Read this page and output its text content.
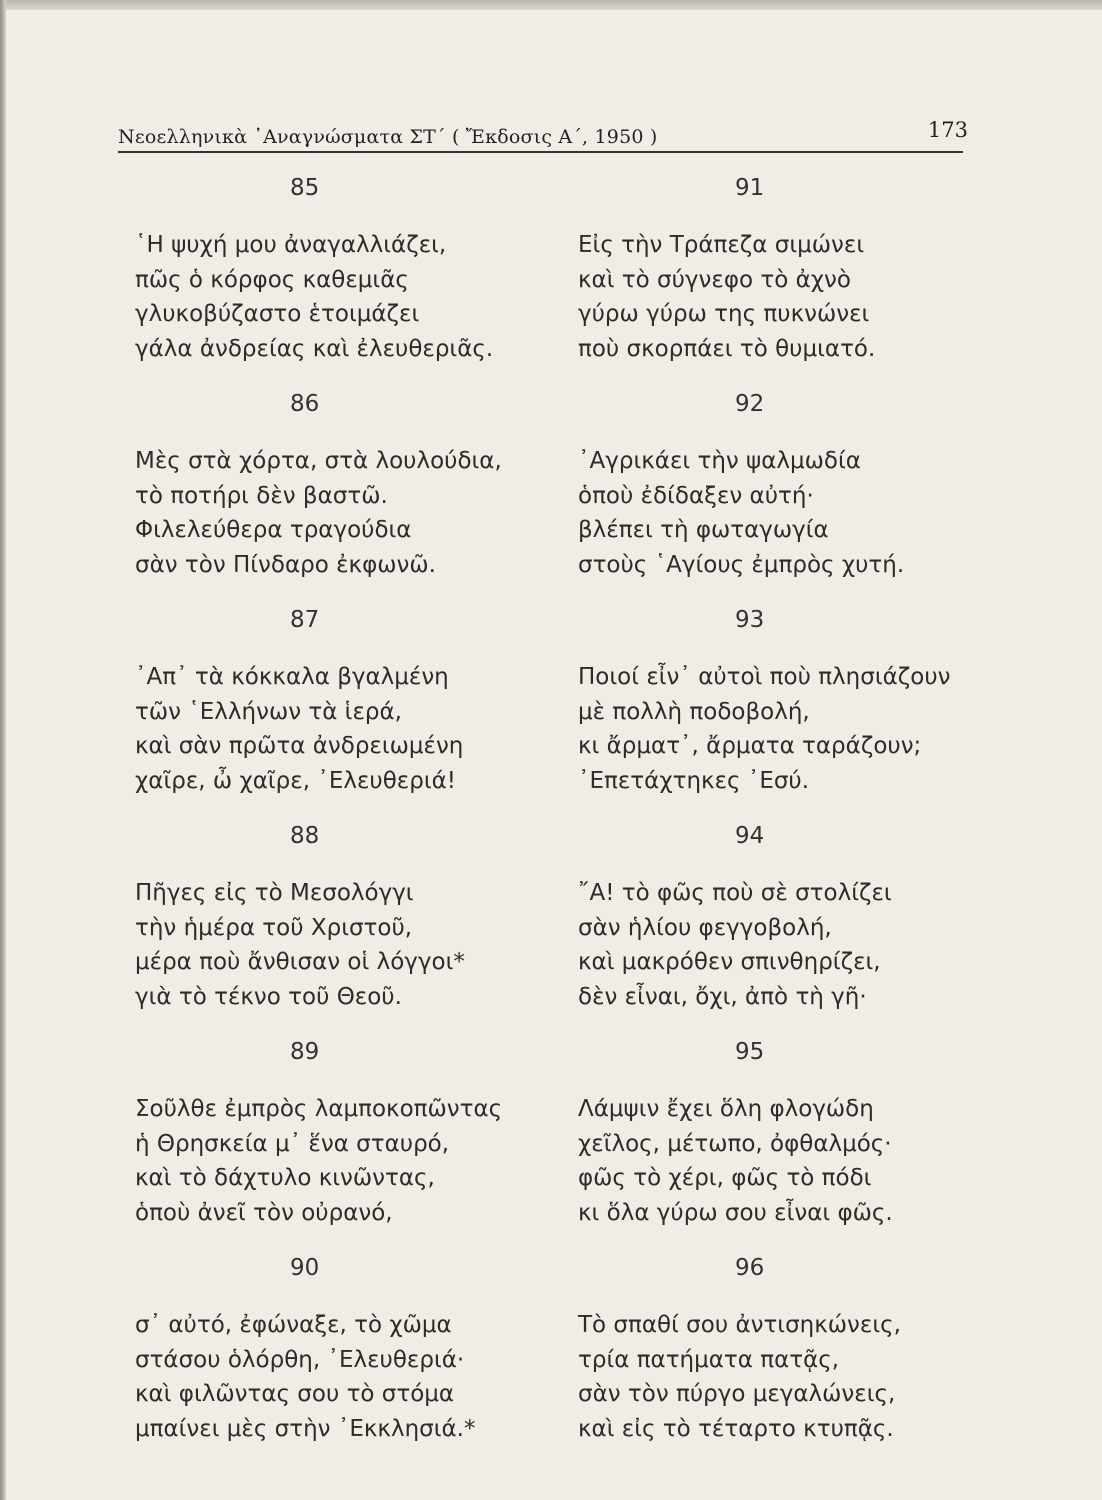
Νεοελληνικὰ ᾿Αναγνώσματα ΣΤ΄ ( Ἔκδοσις Α΄, 1950 )	173
85
῾Η ψυχή μου ἀναγαλλιάζει,
πῶς ὁ κόρφος καθεμιᾶς
γλυκοβύζαστο ἑτοιμάζει
γάλα ἀνδρείας καὶ ἐλευθεριᾶς.
86
Μὲς στὰ χόρτα, στὰ λουλούδια,
τὸ ποτήρι δὲν βαστῶ.
Φιλελεύθερα τραγούδια
σὰν τὸν Πίνδαρο ἐκφωνῶ.
87
᾿Απ᾽ τὰ κόκκαλα βγαλμένη
τῶν ῾Ελλήνων τὰ ἱερά,
καὶ σὰν πρῶτα ἀνδρειωμένη
χαῖρε, ὦ χαῖρε, ᾿Ελευθεριά!
88
Πῆγες εἰς τὸ Μεσολόγγι
τὴν ἡμέρα τοῦ Χριστοῦ,
μέρα ποὺ ἄνθισαν οἱ λόγγοι*
γιὰ τὸ τέκνο τοῦ Θεοῦ.
89
Σοῦλθε ἐμπρὸς λαμποκοπῶντας
ἡ Θρησκεία μ᾽ ἕνα σταυρό,
καὶ τὸ δάχτυλο κινῶντας,
ὁποὺ ἀνεῖ τὸν οὐρανό,
90
σ᾽ αὐτό, ἐφώναξε, τὸ χῶμα
στάσου ὁλόρθη, ᾿Ελευθεριά·
καὶ φιλῶντας σου τὸ στόμα
μπαίνει μὲς στὴν ᾿Εκκλησιά.*
91
Εἰς τὴν Τράπεζα σιμώνει
καὶ τὸ σύγνεφο τὸ ἀχνὸ
γύρω γύρω της πυκνώνει
ποὺ σκορπάει τὸ θυμιατό.
92
᾿Αγρικάει τὴν ψαλμωδία
ὁποὺ ἐδίδαξεν αὐτή·
βλέπει τὴ φωταγωγία
στοὺς ῾Αγίους ἐμπρὸς χυτή.
93
Ποιοί εἶν᾽ αὐτοὶ ποὺ πλησιάζουν
μὲ πολλὴ ποδοβολή,
κι ἄρματ᾽, ἄρματα ταράζουν;
᾿Επετάχτηκες ᾿Εσύ.
94
῎Α! τὸ φῶς ποὺ σὲ στολίζει
σὰν ἡλίου φεγγοβολή,
καὶ μακρόθεν σπινθηρίζει,
δὲν εἶναι, ὄχι, ἀπὸ τὴ γῆ·
95
Λάμψιν ἔχει ὅλη φλογώδη
χεῖλος, μέτωπο, ὀφθαλμός·
φῶς τὸ χέρι, φῶς τὸ πόδι
κι ὅλα γύρω σου εἶναι φῶς.
96
Τὸ σπαθί σου ἀντισηκώνεις,
τρία πατήματα πατᾷς,
σὰν τὸν πύργο μεγαλώνεις,
καὶ εἰς τὸ τέταρτο κτυπᾷς.
